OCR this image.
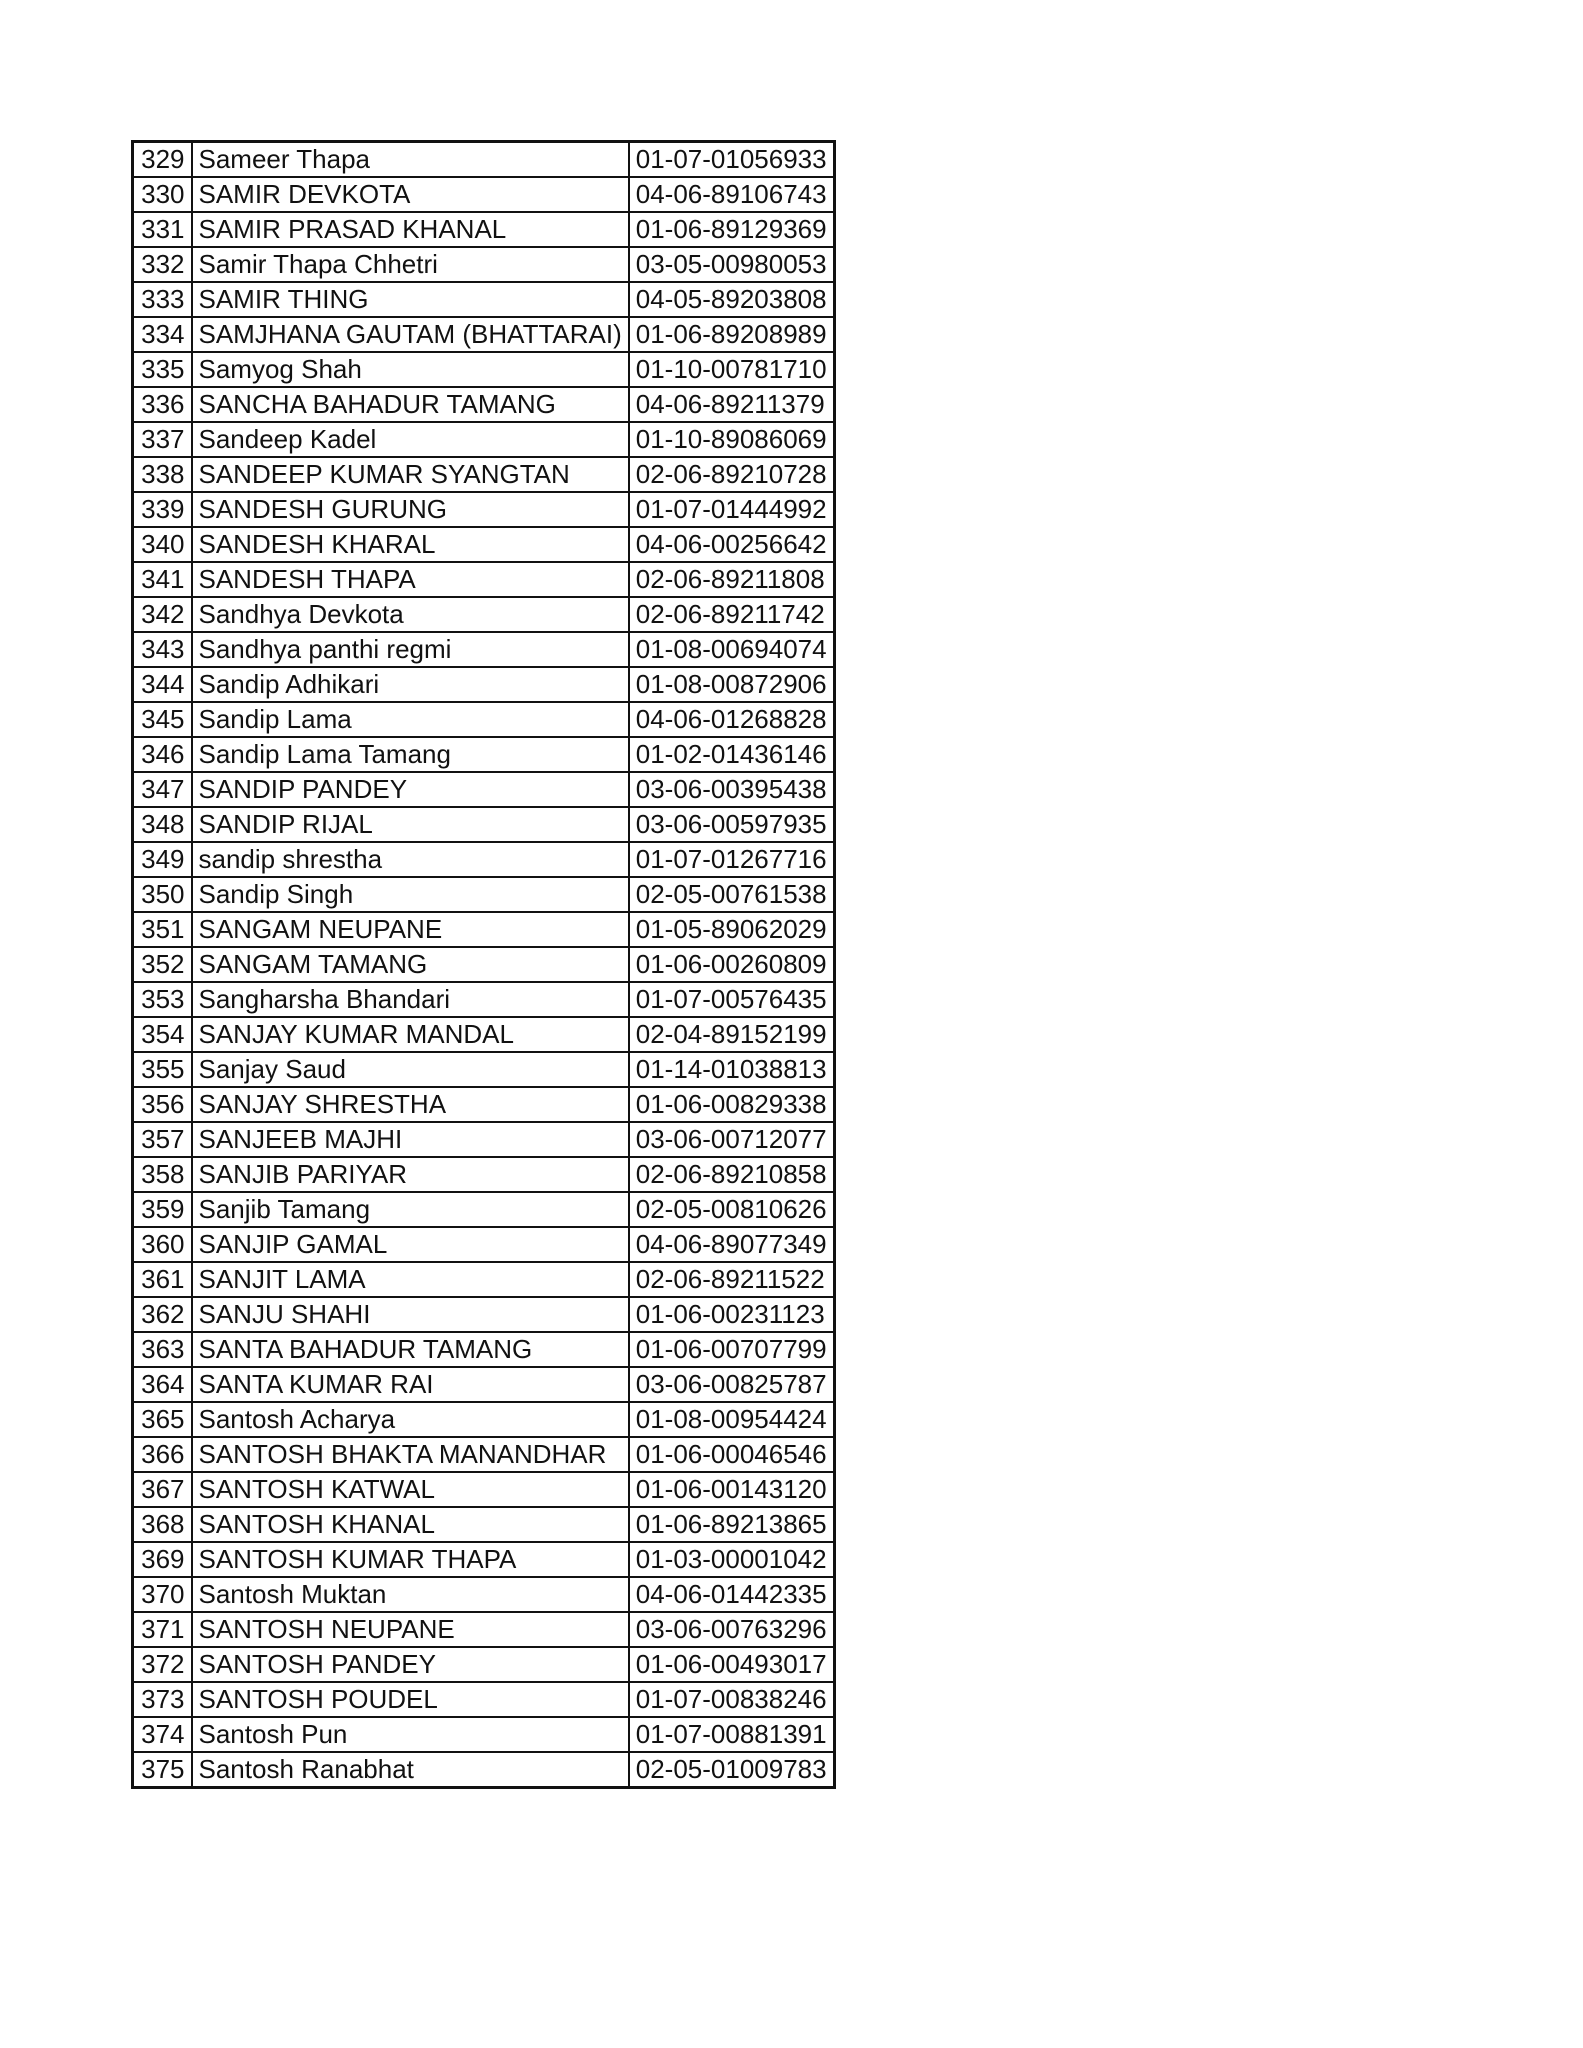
329	Sameer Thapa	01-07-01056933
330	SAMIR DEVKOTA	04-06-89106743
331	SAMIR PRASAD KHANAL	01-06-89129369
332	Samir Thapa Chhetri	03-05-00980053
333	SAMIR THING	04-05-89203808
334	SAMJHANA GAUTAM (BHATTARAI)	01-06-89208989
335	Samyog Shah	01-10-00781710
336	SANCHA BAHADUR TAMANG	04-06-89211379
337	Sandeep Kadel	01-10-89086069
338	SANDEEP KUMAR SYANGTAN	02-06-89210728
339	SANDESH GURUNG	01-07-01444992
340	SANDESH KHARAL	04-06-00256642
341	SANDESH THAPA	02-06-89211808
342	Sandhya Devkota	02-06-89211742
343	Sandhya panthi regmi	01-08-00694074
344	Sandip Adhikari	01-08-00872906
345	Sandip Lama	04-06-01268828
346	Sandip Lama Tamang	01-02-01436146
347	SANDIP PANDEY	03-06-00395438
348	SANDIP RIJAL	03-06-00597935
349	sandip shrestha	01-07-01267716
350	Sandip Singh	02-05-00761538
351	SANGAM NEUPANE	01-05-89062029
352	SANGAM TAMANG	01-06-00260809
353	Sangharsha Bhandari	01-07-00576435
354	SANJAY KUMAR MANDAL	02-04-89152199
355	Sanjay Saud	01-14-01038813
356	SANJAY SHRESTHA	01-06-00829338
357	SANJEEB MAJHI	03-06-00712077
358	SANJIB PARIYAR	02-06-89210858
359	Sanjib Tamang	02-05-00810626
360	SANJIP GAMAL	04-06-89077349
361	SANJIT LAMA	02-06-89211522
362	SANJU SHAHI	01-06-00231123
363	SANTA BAHADUR TAMANG	01-06-00707799
364	SANTA KUMAR RAI	03-06-00825787
365	Santosh Acharya	01-08-00954424
366	SANTOSH BHAKTA MANANDHAR	01-06-00046546
367	SANTOSH KATWAL	01-06-00143120
368	SANTOSH KHANAL	01-06-89213865
369	SANTOSH KUMAR THAPA	01-03-00001042
370	Santosh Muktan	04-06-01442335
371	SANTOSH NEUPANE	03-06-00763296
372	SANTOSH PANDEY	01-06-00493017
373	SANTOSH POUDEL	01-07-00838246
374	Santosh Pun	01-07-00881391
375	Santosh Ranabhat	02-05-01009783
